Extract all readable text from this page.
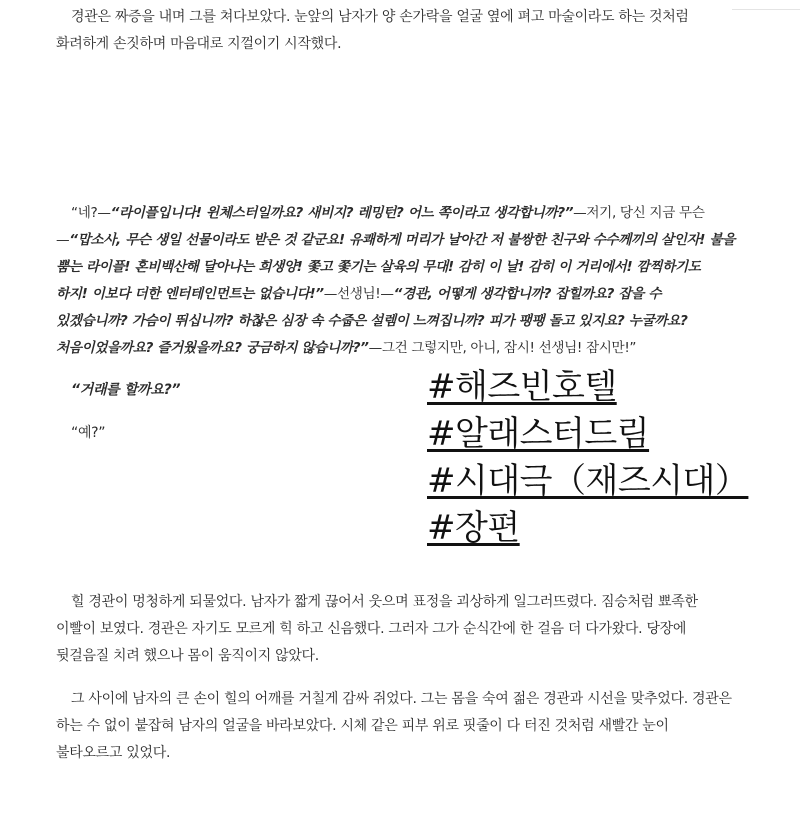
경관은 짜증을 내며 그를 쳐다보았다. 눈앞의 남자가 양 손가락을 얼굴 옆에 펴고 마술이라도 하는 것처럼 화려하게 손짓하며 마음대로 지껄이기 시작했다.

“네?—“라이플입니다! 윈체스터일까요? 새비지? 레밍턴? 어느 쪽이라고 생각합니까?”—저기, 당신 지금 무슨—“맙소사, 무슨 생일 선물이라도 받은 것 같군요! 유쾌하게 머리가 날아간 저 불쌍한 친구와 수수께끼의 살인자! 불을 뿜는 라이플! 혼비백산해 달아나는 희생양! 쫓고 쫓기는 살육의 무대! 감히 이 날! 감히 이 거리에서! 깜찍하기도 하지! 이보다 더한 엔터테인먼트는 없습니다!”—선생님!—“경관, 어떻게 생각합니까? 잡힐까요? 잡을 수 있겠습니까? 가슴이 뛰십니까? 하찮은 심장 속 수줍은 설렘이 느껴집니까? 피가 팽팽 돌고 있지요? 누굴까요? 처음이었을까요? 즐거웠을까요? 궁금하지 않습니까?”—그건 그렇지만, 아니, 잠시! 선생님! 잠시만!”

“거래를 할까요?”

“예?”

#해즈빈호텔
#알래스터드림
#시대극（재즈시대）
#장편

힐 경관이 멍청하게 되물었다. 남자가 짧게 끊어서 웃으며 표정을 괴상하게 일그러뜨렸다. 짐승처럼 뾰족한 이빨이 보였다. 경관은 자기도 모르게 힉 하고 신음했다. 그러자 그가 순식간에 한 걸음 더 다가왔다. 당장에 뒷걸음질 치려 했으나 몸이 움직이지 않았다.

그 사이에 남자의 큰 손이 힐의 어깨를 거칠게 감싸 쥐었다. 그는 몸을 숙여 젊은 경관과 시선을 맞추었다. 경관은 하는 수 없이 붙잡혀 남자의 얼굴을 바라보았다. 시체 같은 피부 위로 핏줄이 다 터진 것처럼 새빨간 눈이 불타오르고 있었다.
